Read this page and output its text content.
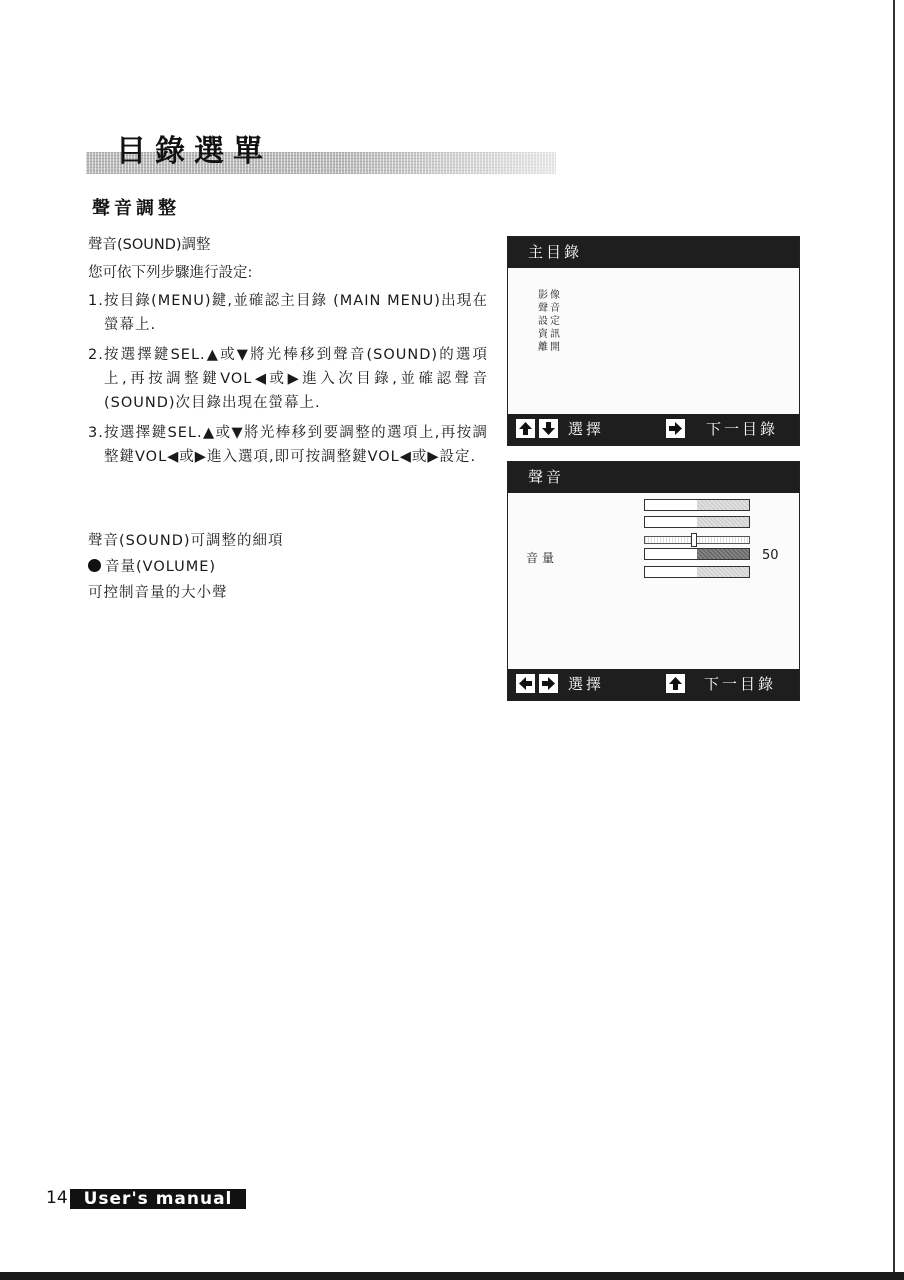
目錄選單
聲音調整

聲音(SOUND)調整

您可依下列步驟進行設定:

1. 按目錄(MENU)鍵,並確認主目錄 (MAIN MENU)出現在螢幕上.
2. 按選擇鍵SEL.▲或▼將光棒移到聲音(SOUND)的選項上,再按調整鍵VOL◀或▶進入次目錄,並確認聲音(SOUND)次目錄出現在螢幕上.
3. 按選擇鍵SEL.▲或▼將光棒移到要調整的選項上,再按調整鍵VOL◀或▶進入選項,即可按調整鍵VOL◀或▶設定.

聲音(SOUND)可調整的細項

音量(VOLUME)

可控制音量的大小聲

主目錄
影像
聲音
設定
資訊
離開
選擇	下一目錄
聲音
音量	50
選擇	下一目錄
14 User's manual
